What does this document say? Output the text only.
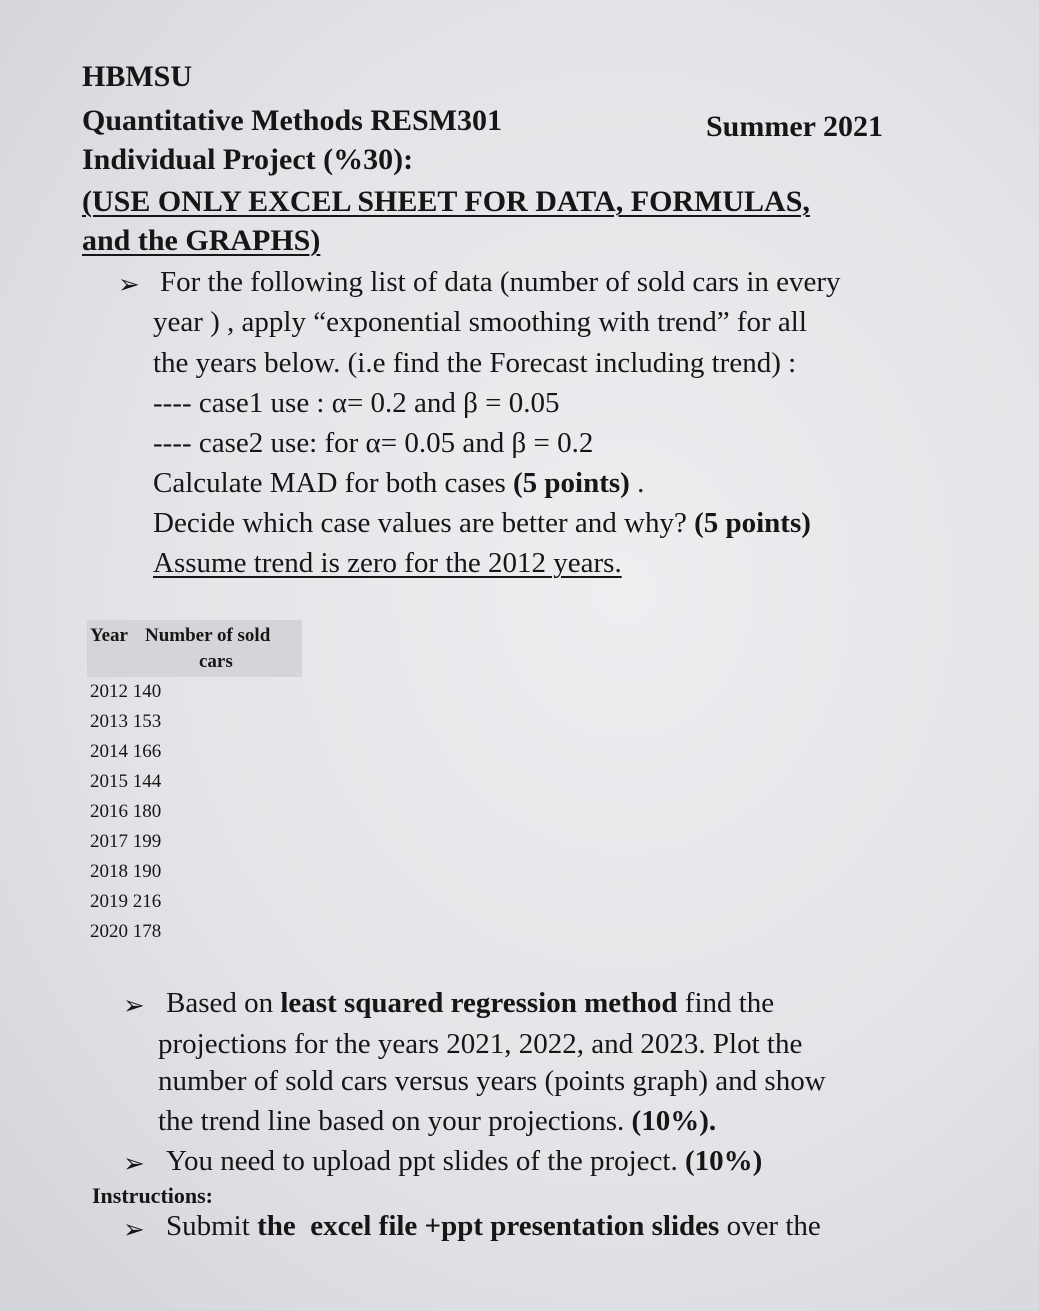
HBMSU
Quantitative Methods RESM301	Summer 2021
Individual Project (%30):
(USE ONLY EXCEL SHEET FOR DATA, FORMULAS,
and the GRAPHS)
➢ For the following list of data (number of sold cars in every
year ) , apply “exponential smoothing with trend” for all
the years below. (i.e find the Forecast including trend) :
---- case1 use : α= 0.2 and β = 0.05
---- case2 use: for α= 0.05 and β = 0.2
Calculate MAD for both cases (5 points) .
Decide which case values are better and why? (5 points)
Assume trend is zero for the 2012 years.
Year Number of sold
cars
2012 140
2013 153
2014 166
2015 144
2016 180
2017 199
2018 190
2019 216
2020 178
➢ Based on least squared regression method find the
projections for the years 2021, 2022, and 2023. Plot the
number of sold cars versus years (points graph) and show
the trend line based on your projections. (10%).
➢ You need to upload ppt slides of the project. (10%)
Instructions:
➢ Submit the excel file +ppt presentation slides over the
